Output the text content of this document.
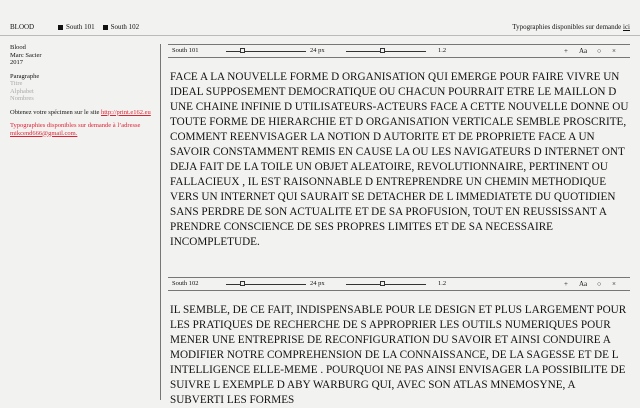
BLOOD	South 101 South 102	Typographies disponibles sur demande ici
Blood
Marc Sacier
2017
Paragraphe
Titre
Alphabet
Nombres
Obtenez votre spécimen sur le site http://print.e162.eu
Typographies disponibles sur demande à l’adresse mikcend666@gmail.com.
South 101	24 px	1.2	+ Aa ○ ×
FACE A LA NOUVELLE FORME D ORGANISATION QUI EMERGE POUR FAIRE VIVRE UN IDEAL SUPPOSEMENT DEMOCRATIQUE OU CHACUN POURRAIT ETRE LE MAILLON D UNE CHAINE INFINIE D UTILISATEURS-ACTEURS FACE A CETTE NOUVELLE DONNE OU TOUTE FORME DE HIERARCHIE ET D ORGANISATION VERTICALE SEMBLE PROSCRITE, COMMENT REENVISAGER LA NOTION D AUTORITE ET DE PROPRIETE FACE A UN SAVOIR CONSTAMMENT REMIS EN CAUSE LA OU LES NAVIGATEURS D INTERNET ONT DEJA FAIT DE LA TOILE UN OBJET ALEATOIRE, REVOLUTIONNAIRE, PERTINENT OU FALLACIEUX , IL EST RAISONNABLE D ENTREPRENDRE UN CHEMIN METHODIQUE VERS UN INTERNET QUI SAURAIT SE DETACHER DE L IMMEDIATETE DU QUOTIDIEN SANS PERDRE DE SON ACTUALITE ET DE SA PROFUSION, TOUT EN REUSSISSANT A PRENDRE CONSCIENCE DE SES PROPRES LIMITES ET DE SA NECESSAIRE INCOMPLETUDE.
South 102	24 px	1.2	+ Aa ○ ×
IL SEMBLE, DE CE FAIT, INDISPENSABLE POUR LE DESIGN ET PLUS LARGEMENT POUR LES PRATIQUES DE RECHERCHE DE S APPROPRIER LES OUTILS NUMERIQUES POUR MENER UNE ENTREPRISE DE RECONFIGURATION DU SAVOIR ET AINSI CONDUIRE A MODIFIER NOTRE COMPREHENSION DE LA CONNAISSANCE, DE LA SAGESSE ET DE L INTELLIGENCE ELLE-MEME . POURQUOI NE PAS AINSI ENVISAGER LA POSSIBILITE DE SUIVRE L EXEMPLE D ABY WARBURG QUI, AVEC SON ATLAS MNEMOSYNE, A SUBVERTI LES FORMES
